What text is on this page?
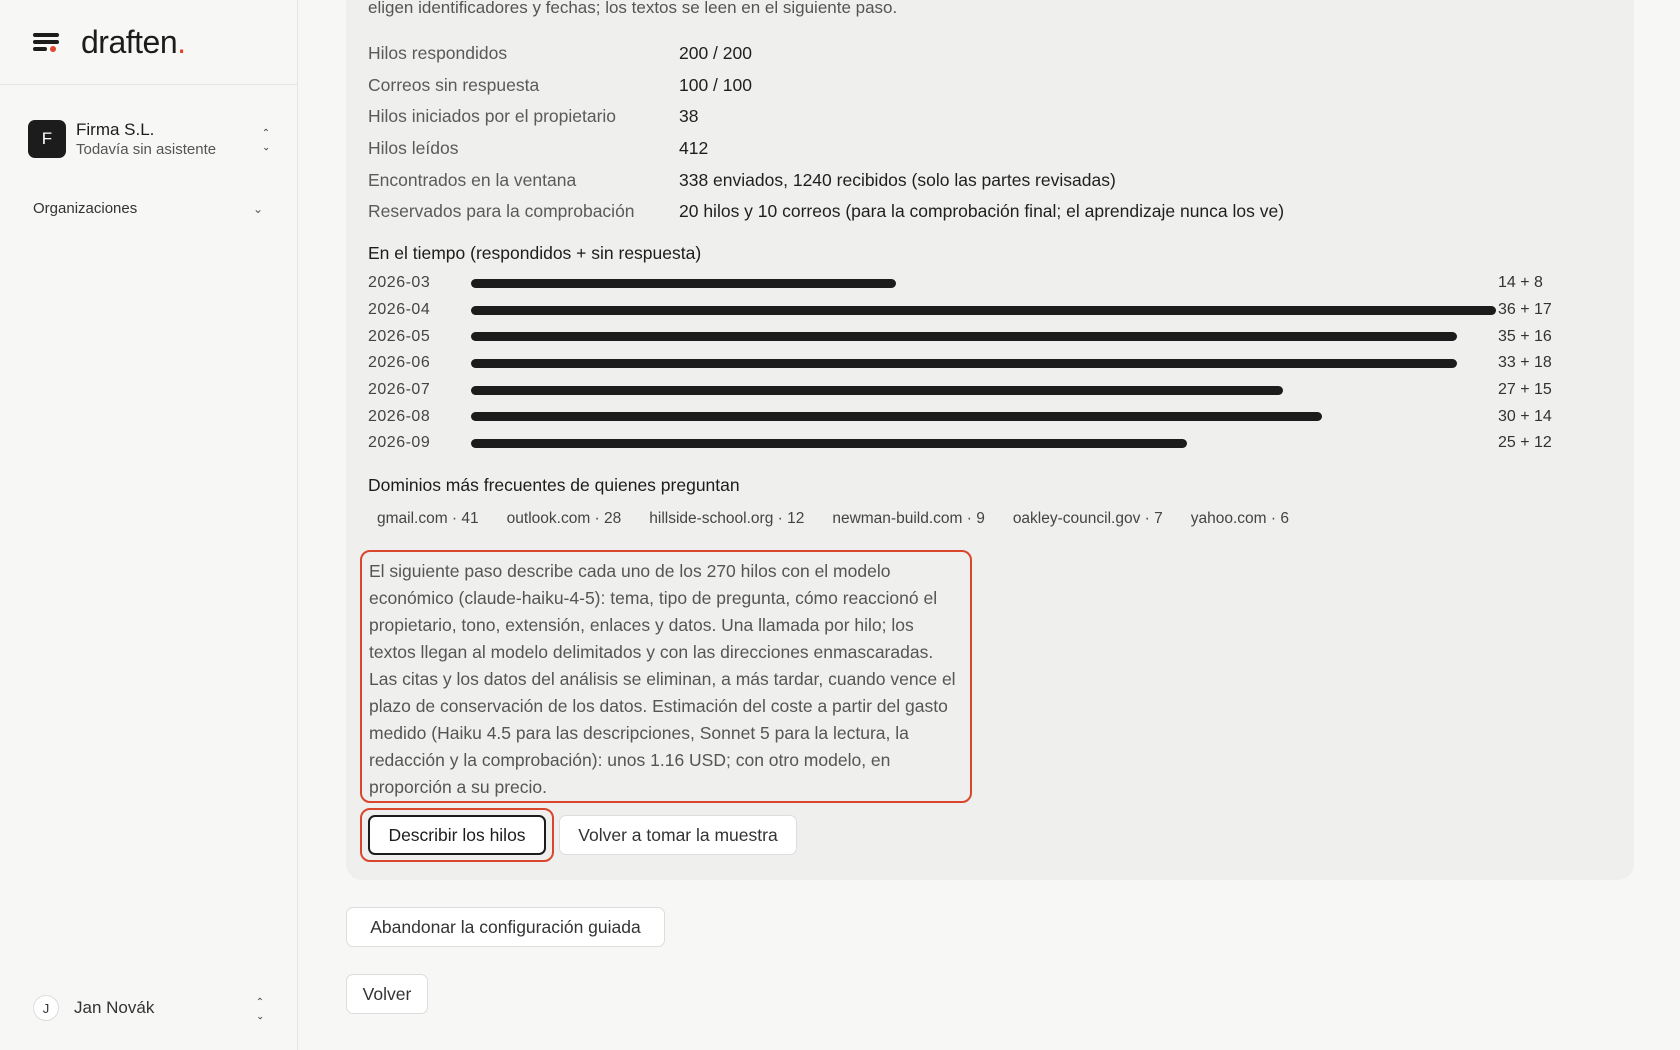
draften.
F	Firma S.L.
Todavía sin asistente
⌃
⌃
Organizaciones	⌄
J	Jan Novák	⌃
⌃
eligen identificadores y fechas; los textos se leen en el siguiente paso.
Hilos respondidos	200 / 200
Correos sin respuesta	100 / 100
Hilos iniciados por el propietario	38
Hilos leídos	412
Encontrados en la ventana	338 enviados, 1240 recibidos (solo las partes revisadas)
Reservados para la comprobación	20 hilos y 10 correos (para la comprobación final; el aprendizaje nunca los ve)
En el tiempo (respondidos + sin respuesta)
2026-03	14 + 8
2026-04	36 + 17
2026-05	35 + 16
2026-06	33 + 18
2026-07	27 + 15
2026-08	30 + 14
2026-09	25 + 12
Dominios más frecuentes de quienes preguntan
gmail.com · 41	outlook.com · 28	hillside-school.org · 12	newman-build.com · 9	oakley-council.gov · 7	yahoo.com · 6

El siguiente paso describe cada uno de los 270 hilos con el modelo económico (claude-haiku-4-5): tema, tipo de pregunta, cómo reaccionó el propietario, tono, extensión, enlaces y datos. Una llamada por hilo; los textos llegan al modelo delimitados y con las direcciones enmascaradas. Las citas y los datos del análisis se eliminan, a más tardar, cuando vence el plazo de conservación de los datos. Estimación del coste a partir del gasto medido (Haiku 4.5 para las descripciones, Sonnet 5 para la lectura, la redacción y la comprobación): unos 1.16 USD; con otro modelo, en proporción a su precio.

Describir los hilos	Volver a tomar la muestra
Abandonar la configuración guiada
Volver
